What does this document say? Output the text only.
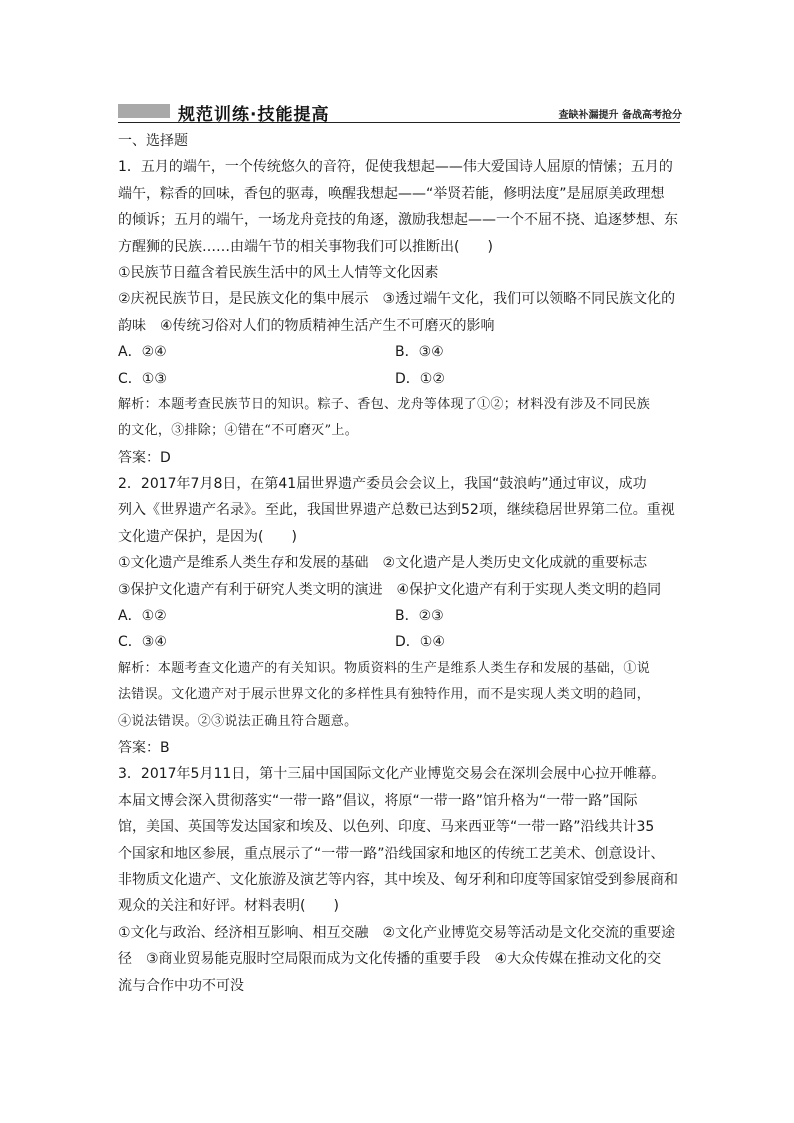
规范训练·技能提高	查缺补漏提升 备战高考抢分
一、选择题
1．五月的端午，一个传统悠久的音符，促使我想起——伟大爱国诗人屈原的情愫；五月的
端午，粽香的回味，香包的驱毒，唤醒我想起——“举贤若能，修明法度”是屈原美政理想
的倾诉；五月的端午，一场龙舟竞技的角逐，激励我想起——一个不屈不挠、追逐梦想、东
方醒狮的民族……由端午节的相关事物我们可以推断出(　　)
①民族节日蕴含着民族生活中的风土人情等文化因素
②庆祝民族节日，是民族文化的集中展示　③透过端午文化，我们可以领略不同民族文化的
韵味　④传统习俗对人们的物质精神生活产生不可磨灭的影响
A．②④	B．③④
C．①③	D．①②
解析：本题考查民族节日的知识。粽子、香包、龙舟等体现了①②；材料没有涉及不同民族
的文化，③排除；④错在“不可磨灭”上。
答案：D
2．2017年7月8日，在第41届世界遗产委员会会议上，我国“鼓浪屿”通过审议，成功
列入《世界遗产名录》。至此，我国世界遗产总数已达到52项，继续稳居世界第二位。重视
文化遗产保护，是因为(　　)
①文化遗产是维系人类生存和发展的基础　②文化遗产是人类历史文化成就的重要标志
③保护文化遗产有利于研究人类文明的演进　④保护文化遗产有利于实现人类文明的趋同
A．①②	B．②③
C．③④	D．①④
解析：本题考查文化遗产的有关知识。物质资料的生产是维系人类生存和发展的基础，①说
法错误。文化遗产对于展示世界文化的多样性具有独特作用，而不是实现人类文明的趋同，
④说法错误。②③说法正确且符合题意。
答案：B
3．2017年5月11日，第十三届中国国际文化产业博览交易会在深圳会展中心拉开帷幕。
本届文博会深入贯彻落实“一带一路”倡议，将原“一带一路”馆升格为“一带一路”国际
馆，美国、英国等发达国家和埃及、以色列、印度、马来西亚等“一带一路”沿线共计35
个国家和地区参展，重点展示了“一带一路”沿线国家和地区的传统工艺美术、创意设计、
非物质文化遗产、文化旅游及演艺等内容，其中埃及、匈牙利和印度等国家馆受到参展商和
观众的关注和好评。材料表明(　　)
①文化与政治、经济相互影响、相互交融　②文化产业博览交易等活动是文化交流的重要途
径　③商业贸易能克服时空局限而成为文化传播的重要手段　④大众传媒在推动文化的交
流与合作中功不可没
